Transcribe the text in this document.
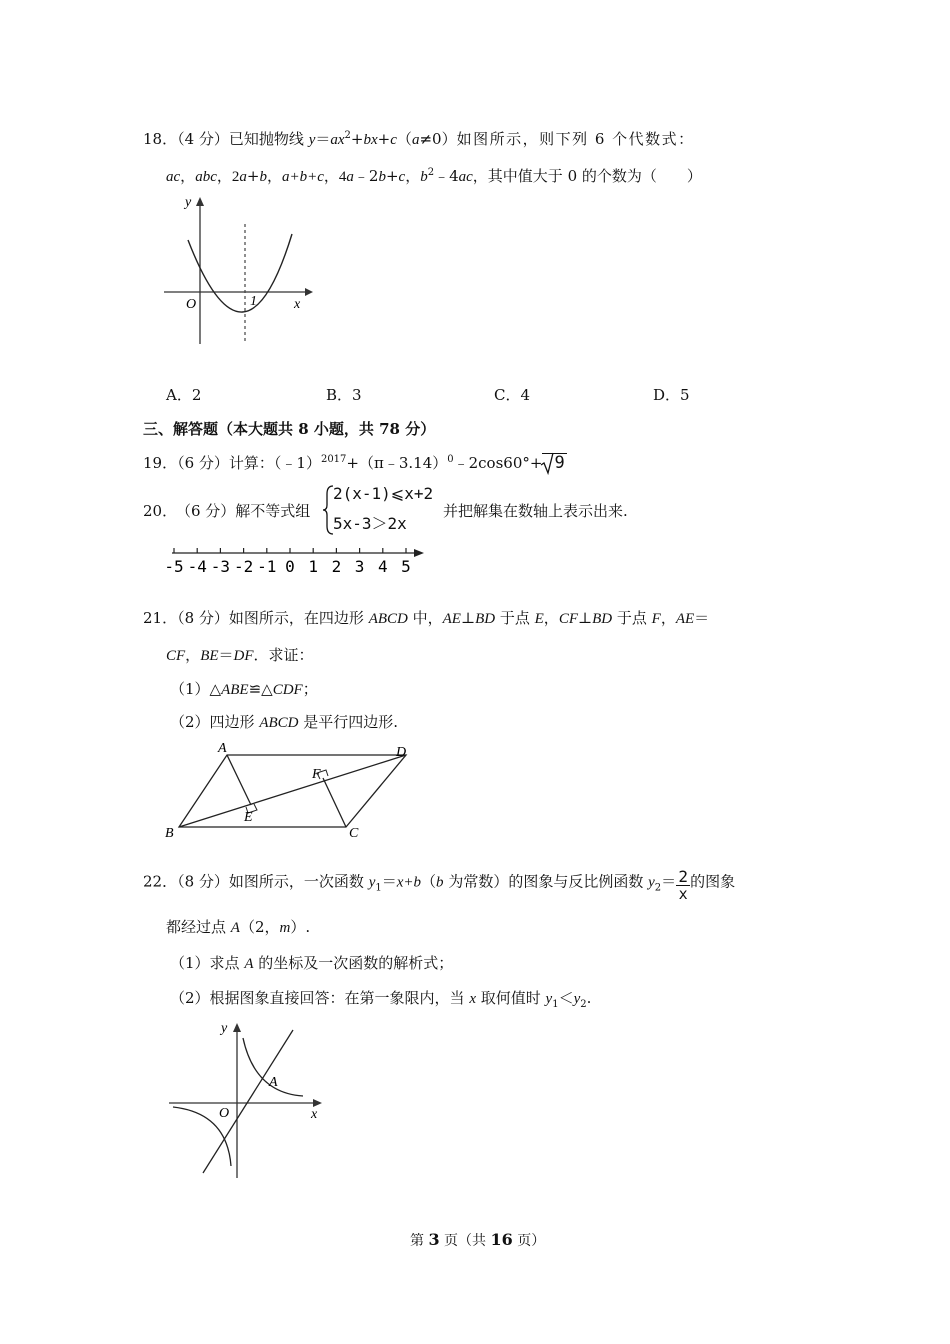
18．（4 分）已知抛物线 $y=ax^2+bx+c(a\ne 0)$如图所示，则下列 6 个代数式：
ac，abc，2a+b，a+b+c，4a﹣2b+c，$b^2﹣4ac$，其中值大于 0 的个数为（　　）
y
x
O	1
A．2	B．3	C．4	D．5
三、解答题（本大题共 8 小题，共 78 分）
19．（6 分）计算：（﹣1）$^{2017}$+（π﹣3.14）$^0$﹣2cos60°+ 9
20．
（6 分）解不等式组
2(x-1)⩽x+2
5x-3＞2x
并把解集在数轴上表示出来.
-5 -4 -3 -2 -1 0 1 2 3 4 5
21．（8 分）如图所示，在四边形 ABCD 中，AE⊥BD 于点 E，CF⊥BD 于点 F，AE＝
CF，BE＝DF．求证：
（1）△ABE≌△CDF；
（2）四边形 ABCD 是平行四边形.
A
B	C
D
E
F
22．（8 分）如图所示，一次函数 $y_1=x+b(b$ 为常数）的图象与反比例函数 $y_2= \frac{2}{x}$ 的图象
都经过点 A（2，m）.
（1）求点 A 的坐标及一次函数的解析式；
（2）根据图象直接回答：在第一象限内，当 x 取何值时 $y_1<y_2$.
y
x
O
A
第 3 页（共 16 页）
